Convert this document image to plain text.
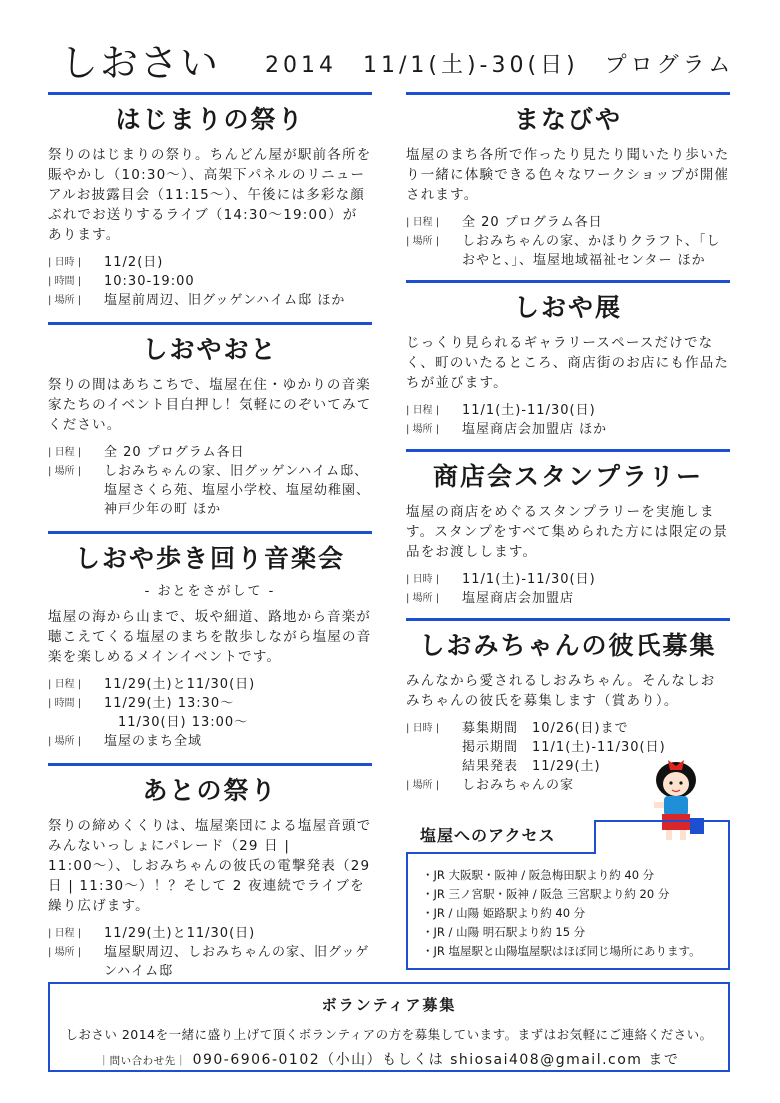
しおさい 2014　11/1(土)-30(日)　プログラム
はじまりの祭り
祭りのはじまりの祭り。ちんどん屋が駅前各所を賑やかし（10:30〜）、高架下パネルのリニューアルお披露目会（11:15〜）、午後には多彩な顔ぶれでお送りするライブ（14:30〜19:00）があります。
| 日時 |	11/2(日)
| 時間 |	10:30-19:00
| 場所 |	塩屋前周辺、旧グッゲンハイム邸 ほか
しおやおと
祭りの間はあちこちで、塩屋在住・ゆかりの音楽家たちのイベント目白押し！気軽にのぞいてみてください。
| 日程 |	全 20 プログラム各日
| 場所 |	しおみちゃんの家、旧グッゲンハイム邸、塩屋さくら苑、塩屋小学校、塩屋幼稚園、神戸少年の町 ほか
しおや歩き回り音楽会
- おとをさがして -
塩屋の海から山まで、坂や細道、路地から音楽が聴こえてくる塩屋のまちを散歩しながら塩屋の音楽を楽しめるメインイベントです。
| 日程 |	11/29(土)と11/30(日)
| 時間 |	11/29(土) 13:30〜
　11/30(日) 13:00〜
| 場所 |	塩屋のまち全域
あとの祭り
祭りの締めくくりは、塩屋楽団による塩屋音頭でみんないっしょにパレード（29 日 | 11:00〜）、しおみちゃんの彼氏の電撃発表（29 日 | 11:30〜）！？そして 2 夜連続でライブを繰り広げます。
| 日程 |	11/29(土)と11/30(日)
| 場所 |	塩屋駅周辺、しおみちゃんの家、旧グッゲンハイム邸
まなびや
塩屋のまち各所で作ったり見たり聞いたり歩いたり一緒に体験できる色々なワークショップが開催されます。
| 日程 |	全 20 プログラム各日
| 場所 |	しおみちゃんの家、かほりクラフト、「しおやと、」、塩屋地域福祉センター ほか
しおや展
じっくり見られるギャラリースペースだけでなく、町のいたるところ、商店街のお店にも作品たちが並びます。
| 日程 |	11/1(土)-11/30(日)
| 場所 |	塩屋商店会加盟店 ほか
商店会スタンプラリー
塩屋の商店をめぐるスタンプラリーを実施します。スタンプをすべて集められた方には限定の景品をお渡しします。
| 日時 |	11/1(土)-11/30(日)
| 場所 |	塩屋商店会加盟店
しおみちゃんの彼氏募集
みんなから愛されるしおみちゃん。そんなしおみちゃんの彼氏を募集します（賞あり）。
| 日時 |	募集期間　10/26(日)まで
掲示期間　11/1(土)-11/30(日)
結果発表　11/29(土)
| 場所 |	しおみちゃんの家
塩屋へのアクセス
・ JR 大阪駅・阪神 / 阪急梅田駅より約 40 分
・ JR 三ノ宮駅・阪神 / 阪急 三宮駅より約 20 分
・ JR / 山陽 姫路駅より約 40 分
・ JR / 山陽 明石駅より約 15 分
・ JR 塩屋駅と山陽塩屋駅はほぼ同じ場所にあります。
ボランティア募集
しおさい 2014を一緒に盛り上げて頂くボランティアの方を募集しています。まずはお気軽にご連絡ください。
｜問い合わせ先｜ 090-6906-0102（小山）もしくは shiosai408@gmail.com まで
